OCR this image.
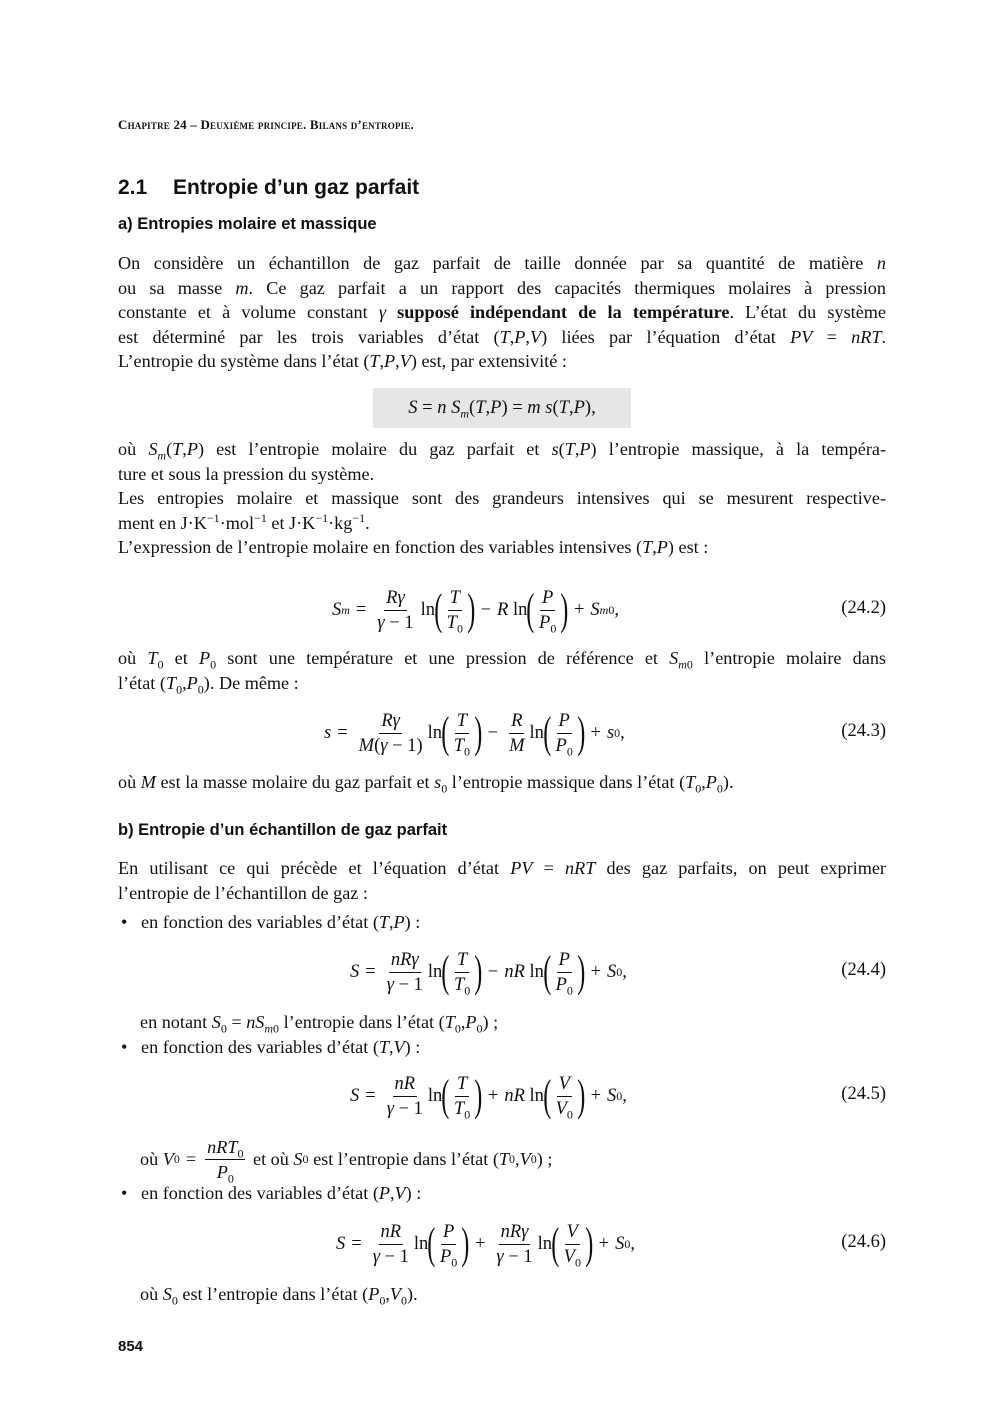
Chapitre 24 – Deuxième principe. Bilans d’entropie.
2.1 Entropie d’un gaz parfait
a) Entropies molaire et massique
On considère un échantillon de gaz parfait de taille donnée par sa quantité de matière n
ou sa masse m. Ce gaz parfait a un rapport des capacités thermiques molaires à pression
constante et à volume constant γ supposé indépendant de la température. L’état du système
est déterminé par les trois variables d’état (T,P,V) liées par l’équation d’état PV = nRT.
L’entropie du système dans l’état (T,P,V) est, par extensivité :
S = n $S_m(T,P) = m$ s(T,P),
où $S_m(T,P)$ est l’entropie molaire du gaz parfait et s(T,P) l’entropie massique, à la tempéra-
ture et sous la pression du système.
Les entropies molaire et massique sont des grandeurs intensives qui se mesurent respective-
ment en $J\cdot K^{-1}\cdot mol^{-1}$ et $J\cdot K^{-1}\cdot kg^{-1}$.
L’expression de l’entropie molaire en fonction des variables intensives (T,P) est :
S $m = \frac{R\gamma}{\gamma - 1}$ ln ( $\frac{T}{T_0}$ ) − R ln ( $\frac{P}{P_0}$ ) + S m0 ,	(24.2)
où $T_0$ et $P_0$ sont une température et une pression de référence et $S_{m0}$ l’entropie molaire dans
l’état $(T_0,P_0)$. De même :
$s = \frac{R\gamma}{M(\gamma - 1)}$ ln ( $\frac{T}{T_0}$ ) − $\frac{R}{M}$ ln ( $\frac{P}{P_0}$ ) + s 0 ,	(24.3)
où M est la masse molaire du gaz parfait et $s_0$ l’entropie massique dans l’état $(T_0,P_0)$.
b) Entropie d’un échantillon de gaz parfait
En utilisant ce qui précède et l’équation d’état PV = nRT des gaz parfaits, on peut exprimer
l’entropie de l’échantillon de gaz :
• en fonction des variables d’état (T,P) :
$S = \frac{\text{nRγ}}{\gamma - 1}$ ln ( $\frac{T}{T_0}$ ) − nR ln ( $\frac{P}{P_0}$ ) + S 0 ,	(24.4)
en notant $S_0 = nS_{m0}$ l’entropie dans l’état $(T_0,P_0)$ ;
• en fonction des variables d’état (T,V) :
$S = \frac{nR}{\gamma - 1}$ ln ( $\frac{T}{T_0}$ ) + nR ln ( $\frac{V}{V_0}$ ) + S 0 ,	(24.5)
où
V $0 = \frac{nRT_0}{P_0}$
et où
S 0
est l’entropie dans l’état ( T 0 , V 0 ) ;
• en fonction des variables d’état (P,V) :
$S = \frac{nR}{\gamma - 1}$ ln ( $\frac{P}{P_0}$ ) + $\frac{\text{nRγ}}{\gamma - 1}$ ln ( $\frac{V}{V_0}$ ) + S 0 ,	(24.6)
où $S_0$ est l’entropie dans l’état $(P_0,V_0)$.
854
